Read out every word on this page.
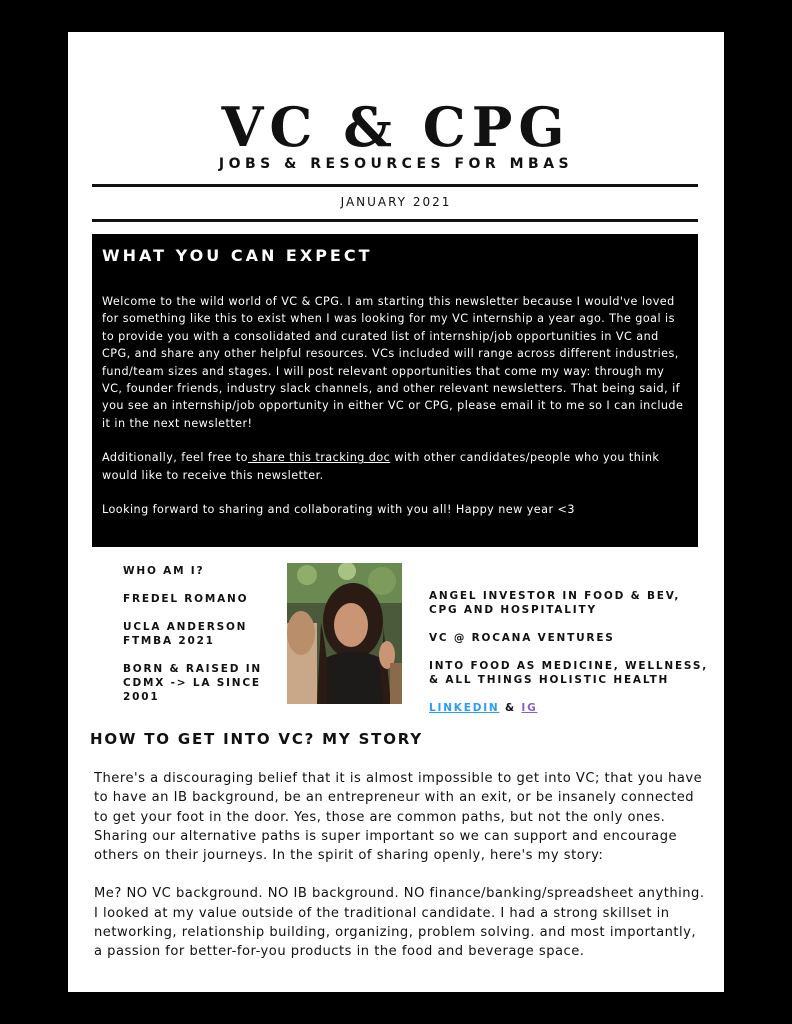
VC & CPG
JOBS & RESOURCES FOR MBAS
JANUARY 2021
WHAT YOU CAN EXPECT

Welcome to the wild world of VC & CPG. I am starting this newsletter because I would've loved for something like this to exist when I was looking for my VC internship a year ago. The goal is to provide you with a consolidated and curated list of internship/job opportunities in VC and CPG, and share any other helpful resources. VCs included will range across different industries, fund/team sizes and stages. I will post relevant opportunities that come my way: through my VC, founder friends, industry slack channels, and other relevant newsletters. That being said, if you see an internship/job opportunity in either VC or CPG, please email it to me so I can include it in the next newsletter!

Additionally, feel free to share this tracking doc with other candidates/people who you think would like to receive this newsletter.

Looking forward to sharing and collaborating with you all! Happy new year <3

WHO AM I?

FREDEL ROMANO

UCLA ANDERSON FTMBA 2021

BORN & RAISED IN CDMX -> LA SINCE 2001

ANGEL INVESTOR IN FOOD & BEV, CPG AND HOSPITALITY

VC @ ROCANA VENTURES

INTO FOOD AS MEDICINE, WELLNESS, & ALL THINGS HOLISTIC HEALTH

LINKEDIN & IG

HOW TO GET INTO VC? MY STORY

There's a discouraging belief that it is almost impossible to get into VC; that you have to have an IB background, be an entrepreneur with an exit, or be insanely connected to get your foot in the door. Yes, those are common paths, but not the only ones. Sharing our alternative paths is super important so we can support and encourage others on their journeys. In the spirit of sharing openly, here's my story:

Me? NO VC background. NO IB background. NO finance/banking/spreadsheet anything. I looked at my value outside of the traditional candidate. I had a strong skillset in networking, relationship building, organizing, problem solving. and most importantly, a passion for better-for-you products in the food and beverage space.
